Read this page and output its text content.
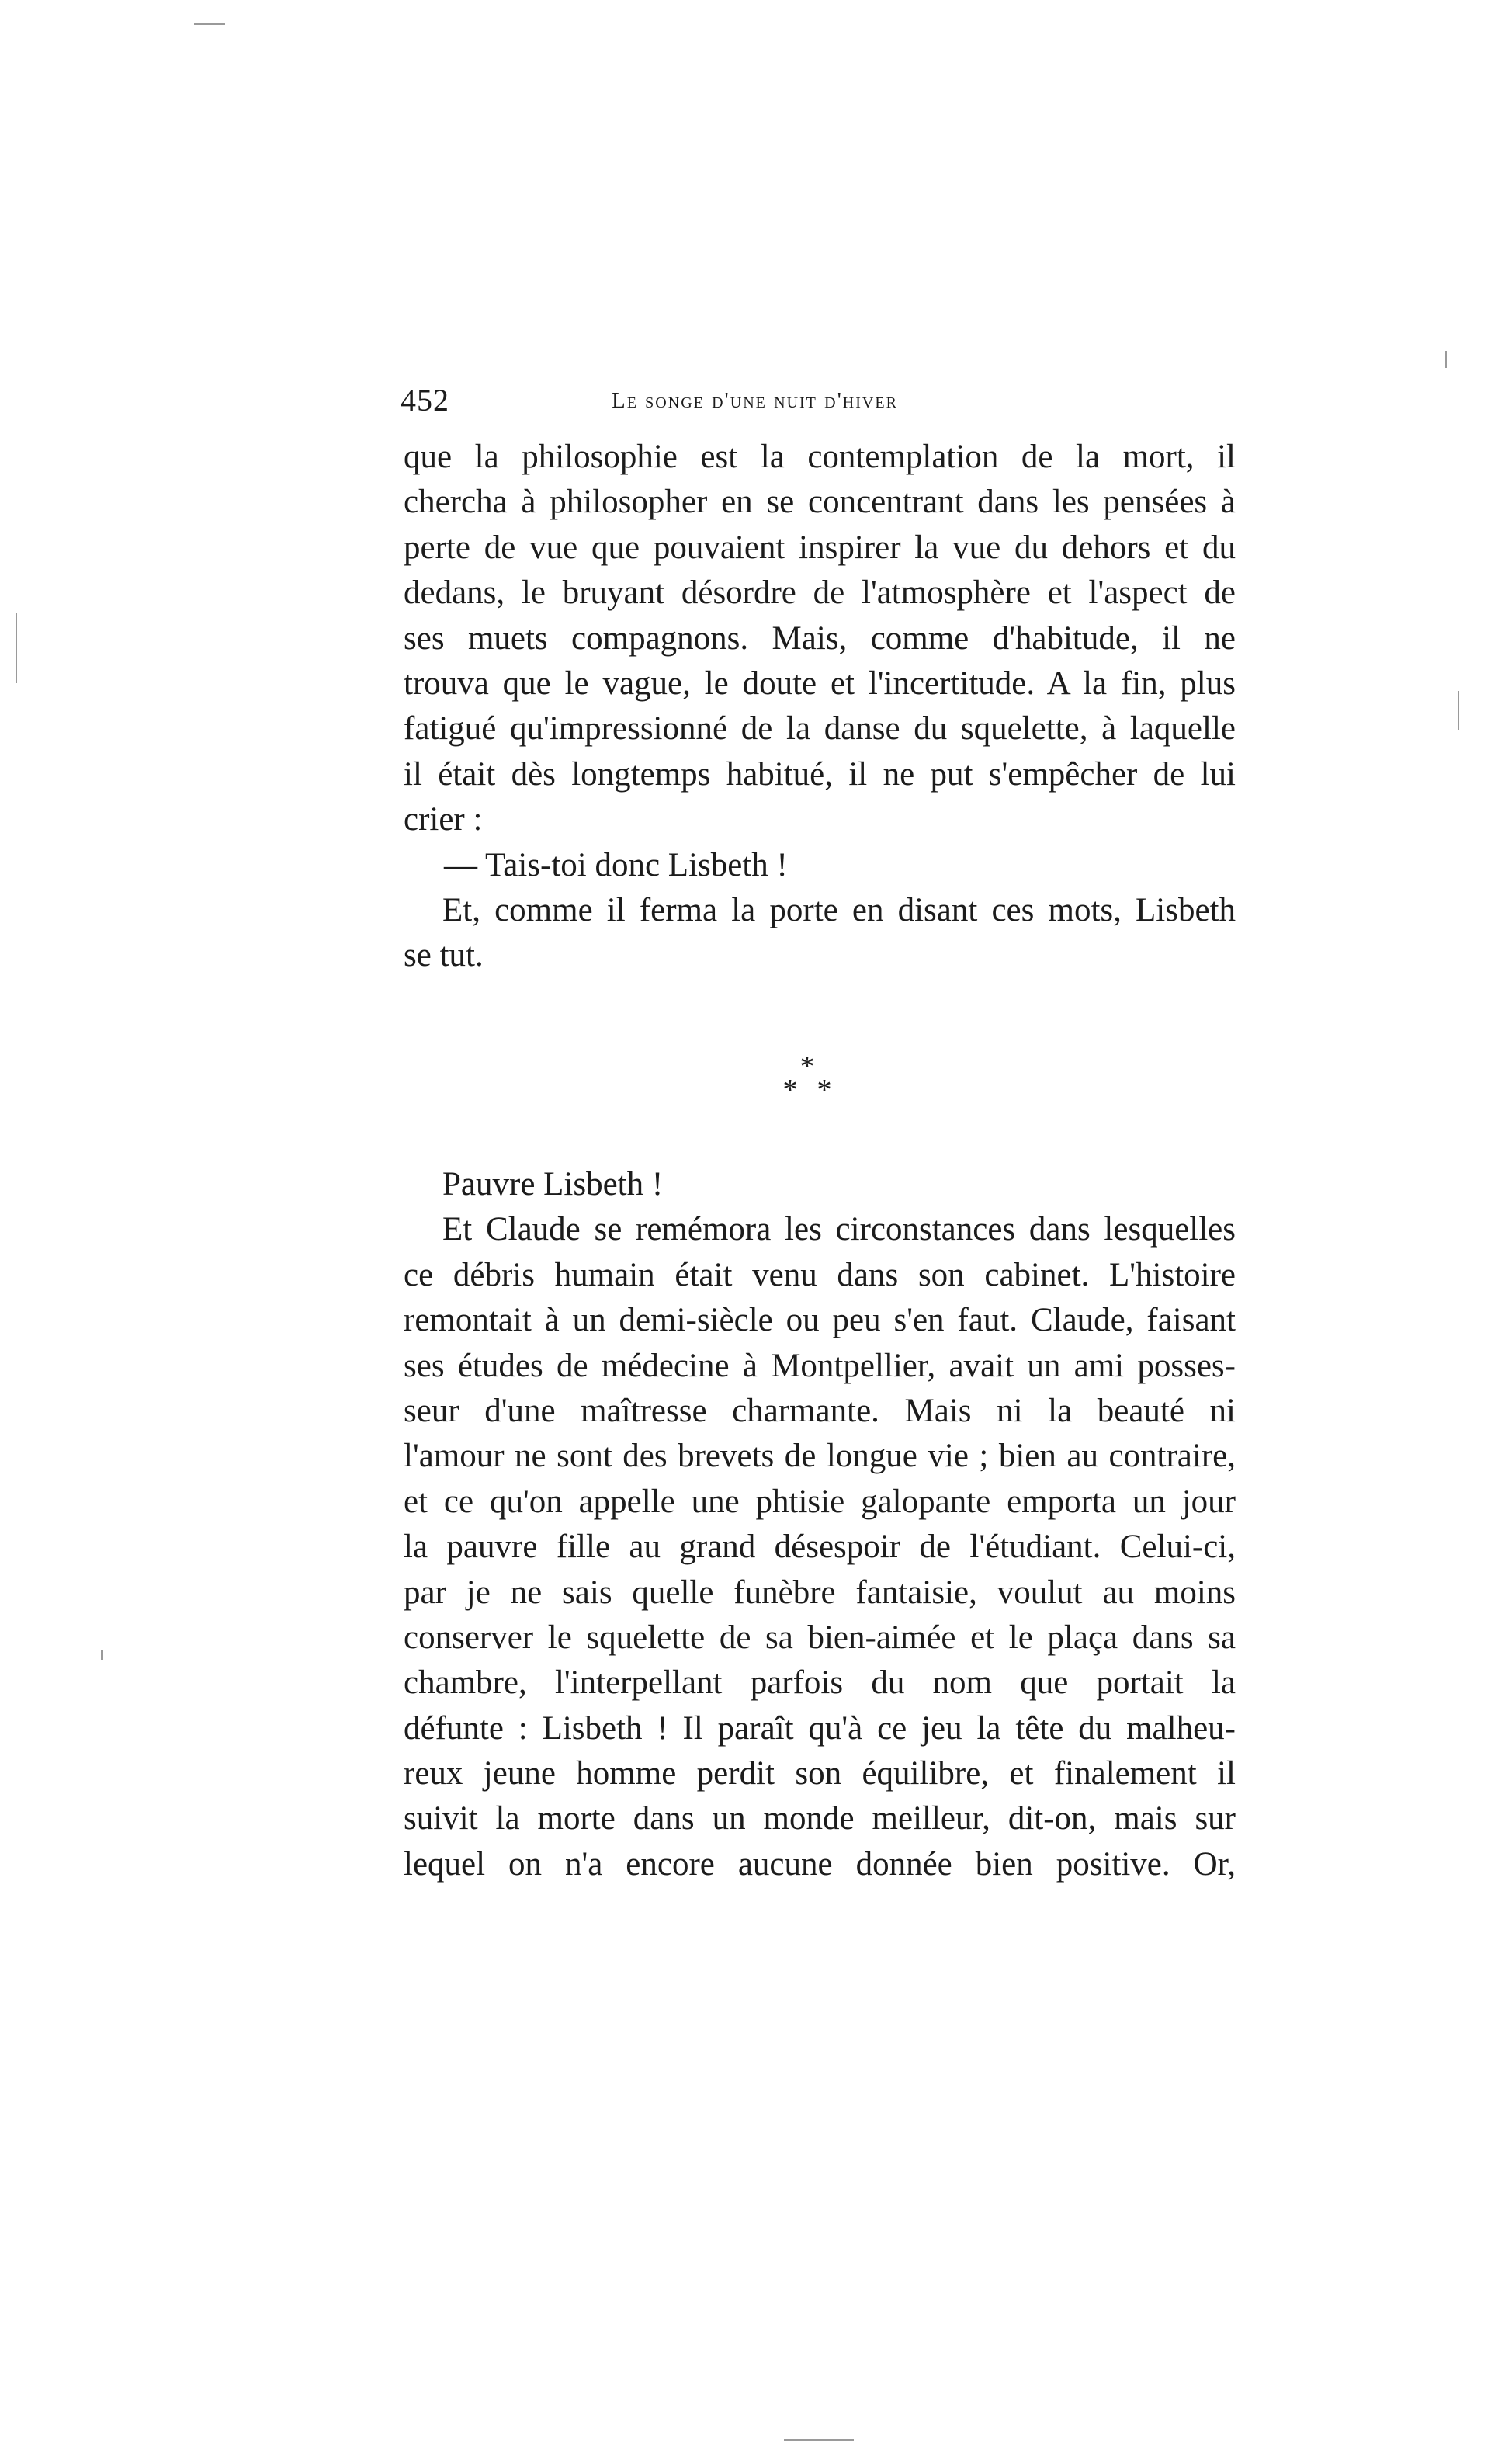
452	le songe d'une nuit d'hiver
que la philosophie est la contemplation de la mort, il
chercha à philosopher en se concentrant dans les pensées à
perte de vue que pouvaient inspirer la vue du dehors et du
dedans, le bruyant désordre de l'atmosphère et l'aspect de
ses muets compagnons. Mais, comme d'habitude, il ne
trouva que le vague, le doute et l'incertitude. A la fin, plus
fatigué qu'impressionné de la danse du squelette, à laquelle
il était dès longtemps habitué, il ne put s'empêcher de lui
crier :
— Tais-toi donc Lisbeth !
Et, comme il ferma la porte en disant ces mots, Lisbeth
se tut.
*
* *
Pauvre Lisbeth !
Et Claude se remémora les circonstances dans lesquelles
ce débris humain était venu dans son cabinet. L'histoire
remontait à un demi-siècle ou peu s'en faut. Claude, faisant
ses études de médecine à Montpellier, avait un ami posses-
seur d'une maîtresse charmante. Mais ni la beauté ni
l'amour ne sont des brevets de longue vie ; bien au contraire,
et ce qu'on appelle une phtisie galopante emporta un jour
la pauvre fille au grand désespoir de l'étudiant. Celui-ci,
par je ne sais quelle funèbre fantaisie, voulut au moins
conserver le squelette de sa bien-aimée et le plaça dans sa
chambre, l'interpellant parfois du nom que portait la
défunte : Lisbeth ! Il paraît qu'à ce jeu la tête du malheu-
reux jeune homme perdit son équilibre, et finalement il
suivit la morte dans un monde meilleur, dit-on, mais sur
lequel on n'a encore aucune donnée bien positive. Or,
